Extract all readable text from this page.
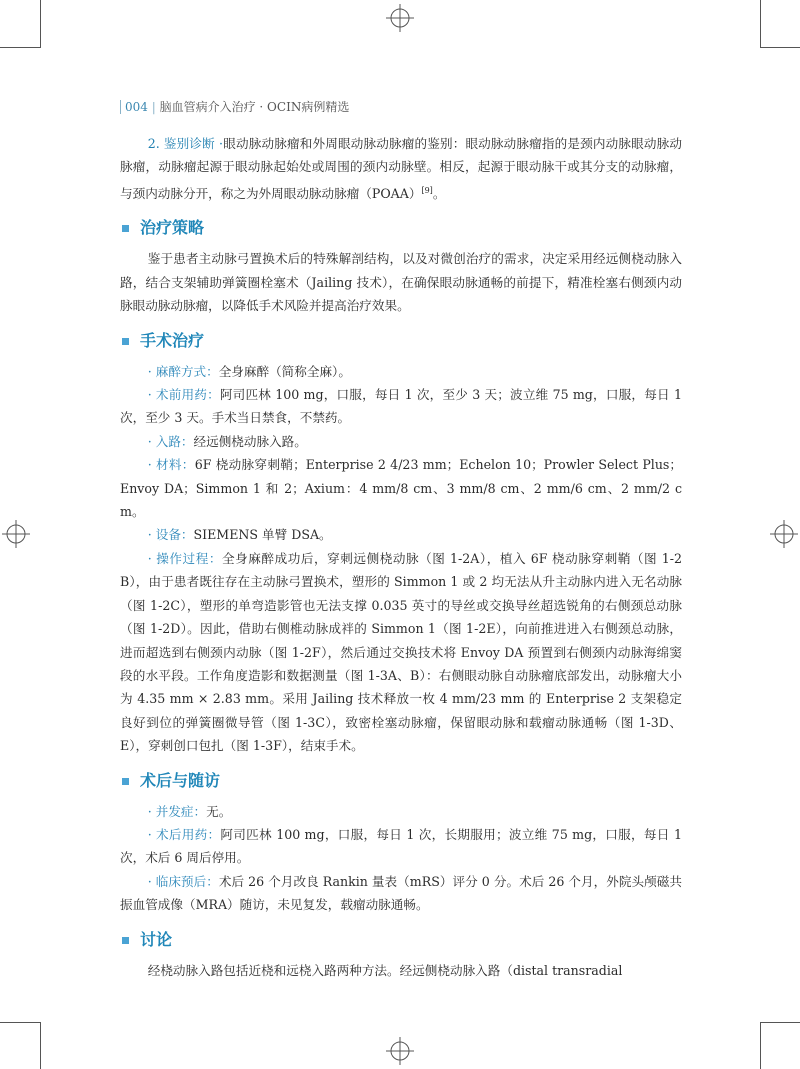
004 | 脑血管病介入治疗 · OCIN病例精选

2. 鉴别诊断 ·眼动脉动脉瘤和外周眼动脉动脉瘤的鉴别：眼动脉动脉瘤指的是颈内动脉眼动脉动脉瘤，动脉瘤起源于眼动脉起始处或周围的颈内动脉壁。相反，起源于眼动脉干或其分支的动脉瘤，与颈内动脉分开，称之为外周眼动脉动脉瘤（POAA）[9]。

治疗策略

鉴于患者主动脉弓置换术后的特殊解剖结构，以及对微创治疗的需求，决定采用经远侧桡动脉入路，结合支架辅助弹簧圈栓塞术（Jailing 技术），在确保眼动脉通畅的前提下，精准栓塞右侧颈内动脉眼动脉动脉瘤，以降低手术风险并提高治疗效果。

手术治疗

· 麻醉方式：全身麻醉（简称全麻）。

· 术前用药：阿司匹林 100 mg，口服，每日 1 次，至少 3 天；波立维 75 mg，口服，每日 1 次，至少 3 天。手术当日禁食，不禁药。

· 入路：经远侧桡动脉入路。

· 材料：6F 桡动脉穿刺鞘；Enterprise 2 4/23 mm；Echelon 10；Prowler Select Plus；Envoy DA；Simmon 1 和 2；Axium：4 mm/8 cm、3 mm/8 cm、2 mm/6 cm、2 mm/2 cm。

· 设备：SIEMENS 单臂 DSA。

· 操作过程：全身麻醉成功后，穿刺远侧桡动脉（图 1-2A），植入 6F 桡动脉穿刺鞘（图 1-2B），由于患者既往存在主动脉弓置换术，塑形的 Simmon 1 或 2 均无法从升主动脉内进入无名动脉（图 1-2C），塑形的单弯造影管也无法支撑 0.035 英寸的导丝或交换导丝超选锐角的右侧颈总动脉（图 1-2D）。因此，借助右侧椎动脉成袢的 Simmon 1（图 1-2E），向前推进进入右侧颈总动脉，进而超选到右侧颈内动脉（图 1-2F），然后通过交换技术将 Envoy DA 预置到右侧颈内动脉海绵窦段的水平段。工作角度造影和数据测量（图 1-3A、B）：右侧眼动脉自动脉瘤底部发出，动脉瘤大小为 4.35 mm × 2.83 mm。采用 Jailing 技术释放一枚 4 mm/23 mm 的 Enterprise 2 支架稳定良好到位的弹簧圈微导管（图 1-3C），致密栓塞动脉瘤，保留眼动脉和载瘤动脉通畅（图 1-3D、E），穿刺创口包扎（图 1-3F），结束手术。

术后与随访

· 并发症：无。

· 术后用药：阿司匹林 100 mg，口服，每日 1 次，长期服用；波立维 75 mg，口服，每日 1 次，术后 6 周后停用。

· 临床预后：术后 26 个月改良 Rankin 量表（mRS）评分 0 分。术后 26 个月，外院头颅磁共振血管成像（MRA）随访，未见复发，载瘤动脉通畅。

讨论

经桡动脉入路包括近桡和远桡入路两种方法。经远侧桡动脉入路（distal transradial
